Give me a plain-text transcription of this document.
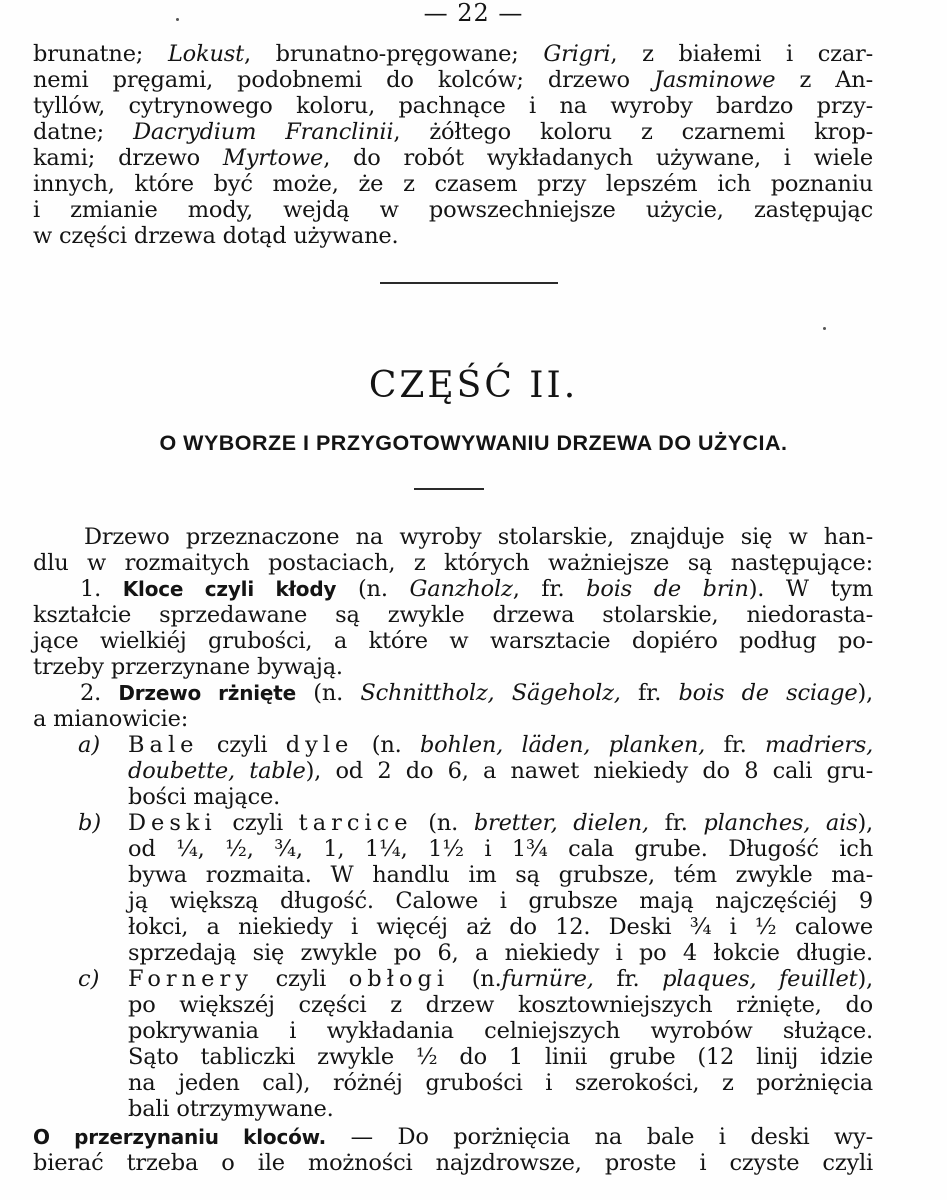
— 22 —
brunatne; Lokust, brunatno-pręgowane; Grigri, z białemi i czar-
nemi pręgami, podobnemi do kolców; drzewo Jasminowe z An-
tyllów, cytrynowego koloru, pachnące i na wyroby bardzo przy-
datne; Dacrydium Franclinii, żółtego koloru z czarnemi krop-
kami; drzewo Myrtowe, do robót wykładanych używane, i wiele
innych, które być może, że z czasem przy lepszém ich poznaniu
i zmianie mody, wejdą w powszechniejsze użycie, zastępując
w części drzewa dotąd używane.
CZĘŚĆ II.
O WYBORZE I PRZYGOTOWYWANIU DRZEWA DO UŻYCIA.
Drzewo przeznaczone na wyroby stolarskie, znajduje się w han-
dlu w rozmaitych postaciach, z których ważniejsze są następujące:
1. Kloce czyli kłody (n. Ganzholz, fr. bois de brin). W tym
kształcie sprzedawane są zwykle drzewa stolarskie, niedorasta-
jące wielkiéj grubości, a które w warsztacie dopiéro podług po-
trzeby przerzynane bywają.
2. Drzewo rżnięte (n. Schnittholz, Sägeholz, fr. bois de sciage),
a mianowicie:
a) Bale czyli dyle (n. bohlen, läden, planken, fr. madriers,
doubette, table), od 2 do 6, a nawet niekiedy do 8 cali gru-
bości mające.
b) Deski czyli tarcice (n. bretter, dielen, fr. planches, ais),
od ¼, ½, ¾, 1, 1¼, 1½ i 1¾ cala grube. Długość ich
bywa rozmaita. W handlu im są grubsze, tém zwykle ma-
ją większą długość. Calowe i grubsze mają najczęściéj 9
łokci, a niekiedy i więcéj aż do 12. Deski ¾ i ½ calowe
sprzedają się zwykle po 6, a niekiedy i po 4 łokcie długie.
c) Fornery czyli obłogi (n.furnüre, fr. plaques, feuillet),
po większéj części z drzew kosztowniejszych rżnięte, do
pokrywania i wykładania celniejszych wyrobów służące.
Sąto tabliczki zwykle ½ do 1 linii grube (12 linij idzie
na jeden cal), różnéj grubości i szerokości, z porżnięcia
bali otrzymywane.
O przerzynaniu kloców. — Do porżnięcia na bale i deski wy-
bierać trzeba o ile możności najzdrowsze, proste i czyste czyli
